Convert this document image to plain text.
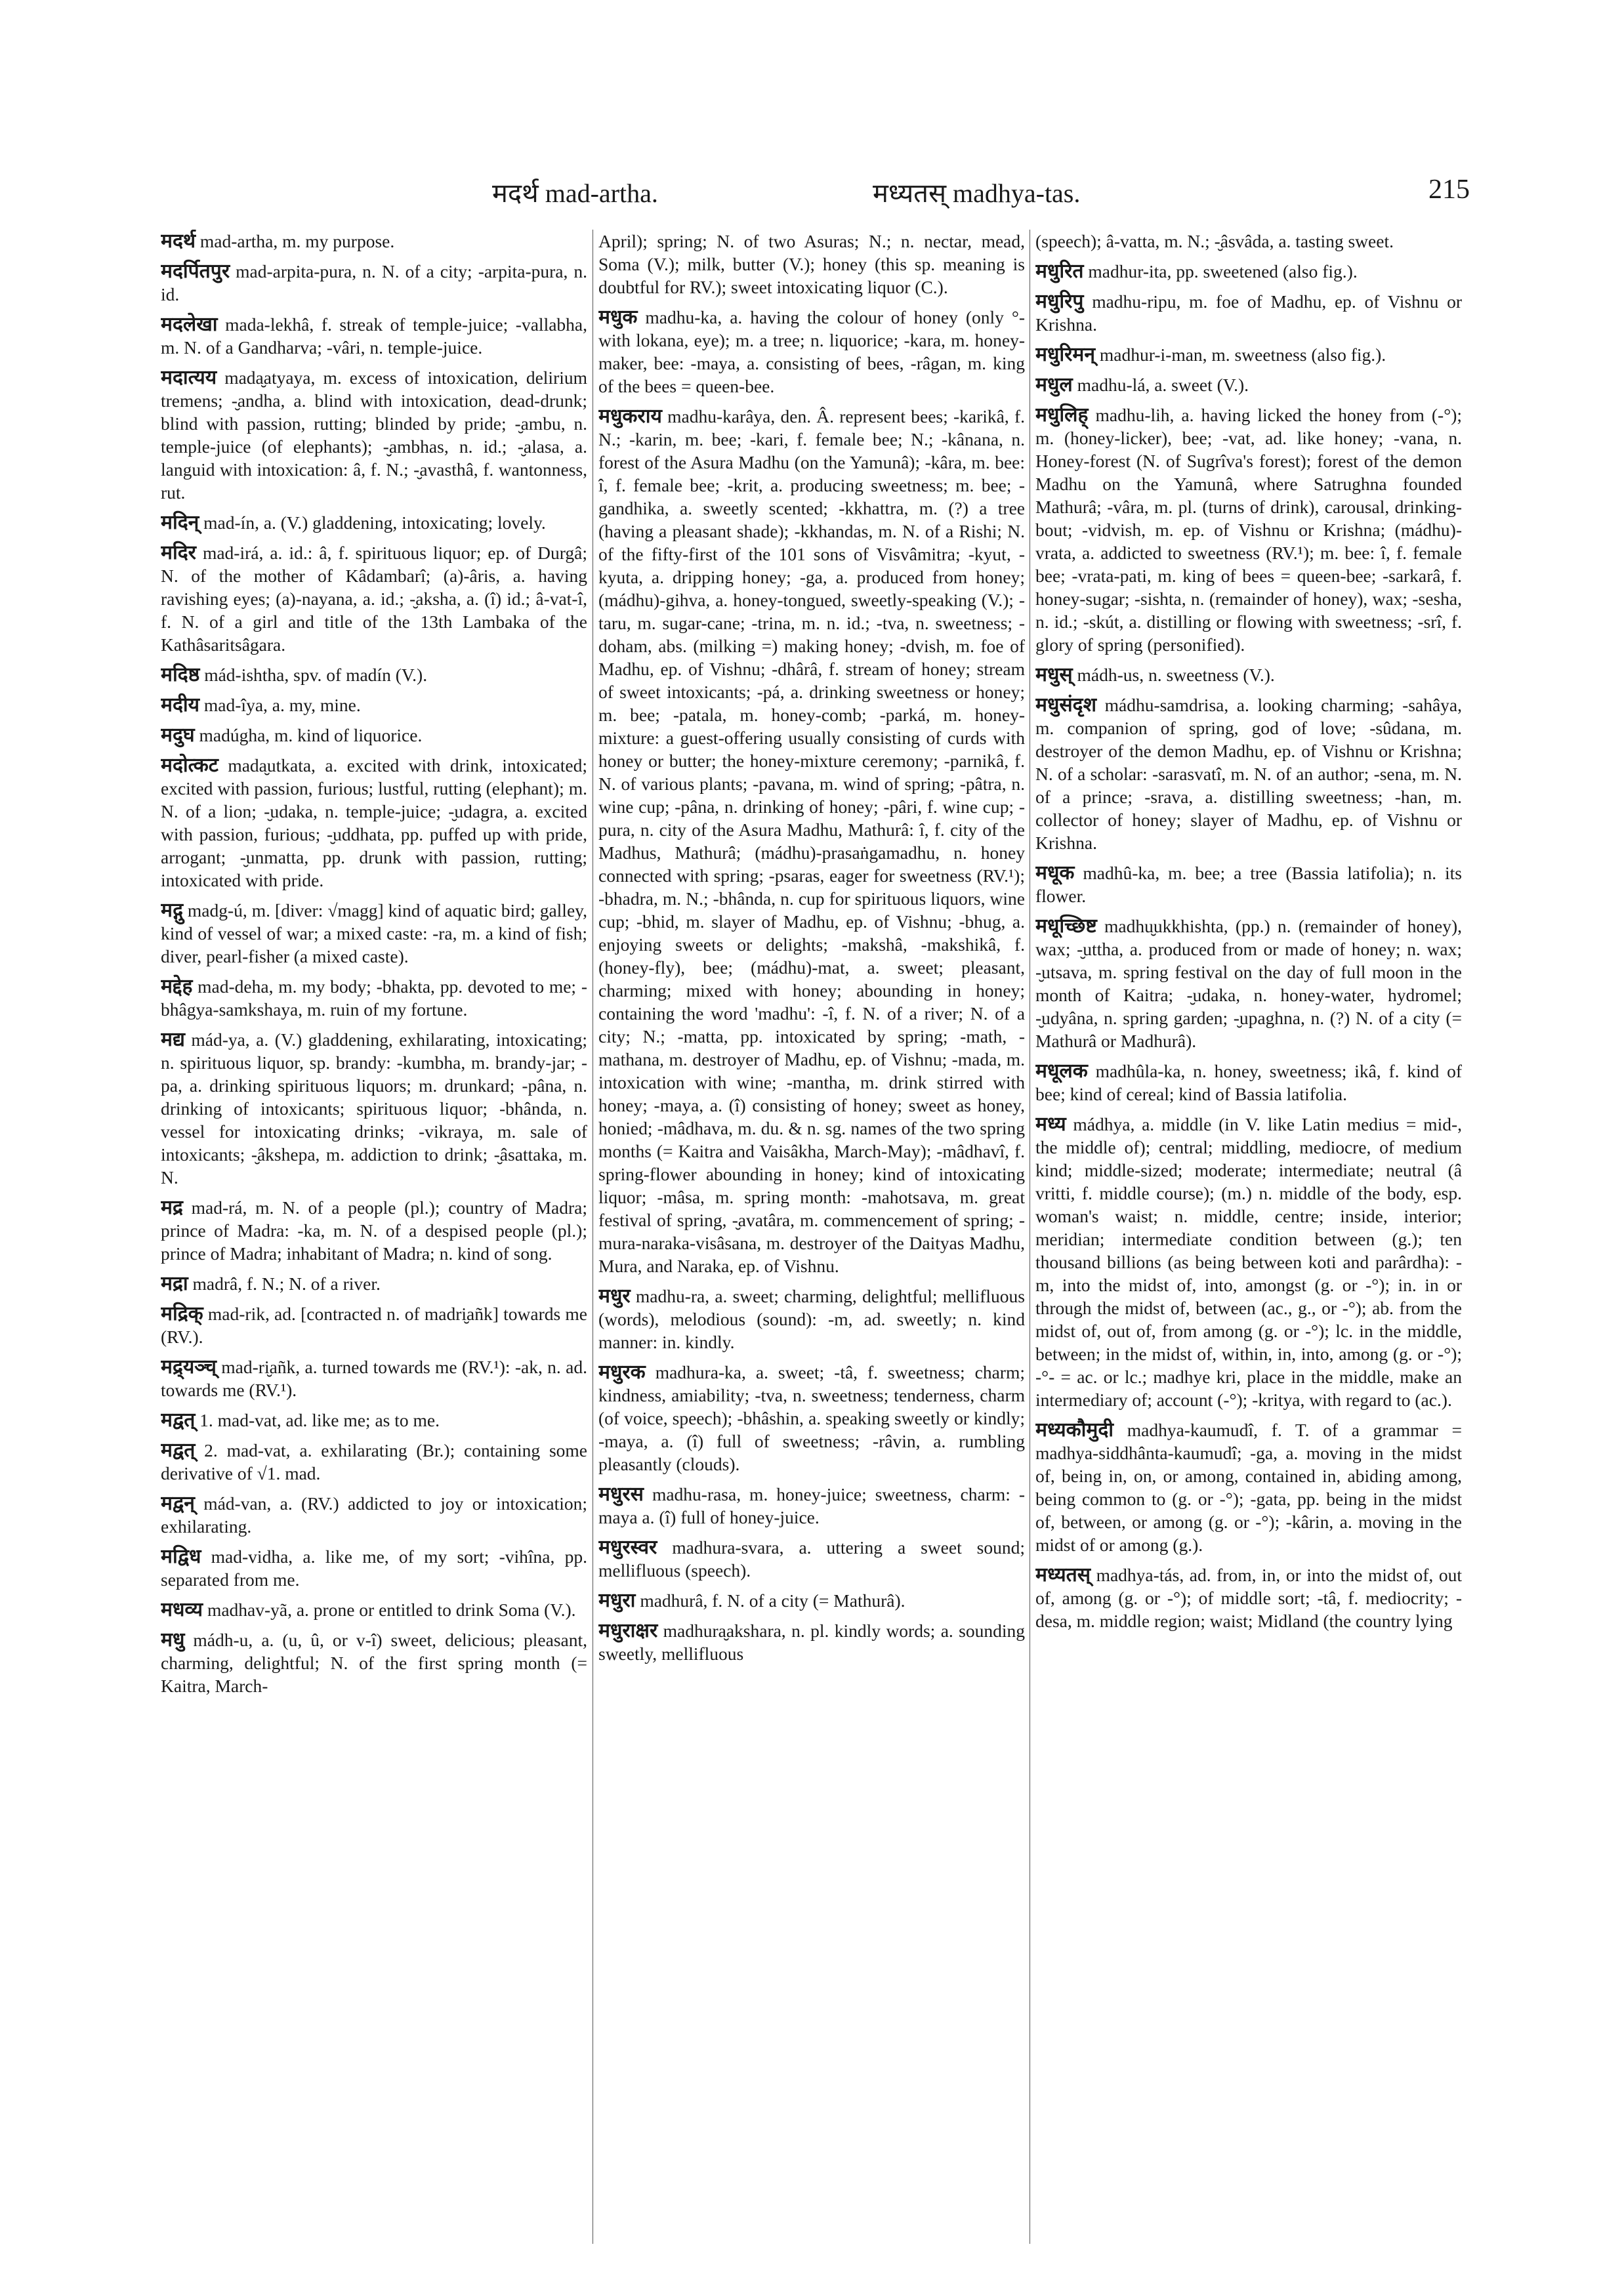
मदर्थ mad-artha.	मध्यतस् madhya-tas.	215

मदर्थ mad-artha, m. my purpose.

मदर्पितपुर mad-arpita-pura, n. N. of a city; -arpita-pura, n. id.

मदलेखा mada-lekhâ, f. streak of temple-juice; -vallabha, m. N. of a Gandharva; -vâri, n. temple-juice.

मदात्यय mada̮atyaya, m. excess of intoxication, delirium tremens; -̮andha, a. blind with intoxication, dead-drunk; blind with passion, rutting; blinded by pride; -̮ambu, n. temple-juice (of elephants); -̮ambhas, n. id.; -̮alasa, a. languid with intoxication: â, f. N.; -̮avasthâ, f. wantonness, rut.

मदिन् mad-ín, a. (V.) gladdening, intoxicating; lovely.

मदिर mad-irá, a. id.: â, f. spirituous liquor; ep. of Durgâ; N. of the mother of Kâdambarî; (a)-âris, a. having ravishing eyes; (a)-nayana, a. id.; -̮aksha, a. (î) id.; â-vat-î, f. N. of a girl and title of the 13th Lambaka of the Kathâsaritsâgara.

मदिष्ठ mád-ishtha, spv. of madín (V.).

मदीय mad-îya, a. my, mine.

मदुघ madúgha, m. kind of liquorice.

मदोत्कट mada̮utkata, a. excited with drink, intoxicated; excited with passion, furious; lustful, rutting (elephant); m. N. of a lion; -̮udaka, n. temple-juice; -̮udagra, a. excited with passion, furious; -̮uddhata, pp. puffed up with pride, arrogant; -̮unmatta, pp. drunk with passion, rutting; intoxicated with pride.

मद्गु madg-ú, m. [diver: √magg] kind of aquatic bird; galley, kind of vessel of war; a mixed caste: -ra, m. a kind of fish; diver, pearl-fisher (a mixed caste).

मद्देह mad-deha, m. my body; -bhakta, pp. devoted to me; -bhâgya-samkshaya, m. ruin of my fortune.

मद्य mád-ya, a. (V.) gladdening, exhilarating, intoxicating; n. spirituous liquor, sp. brandy: -kumbha, m. brandy-jar; -pa, a. drinking spirituous liquors; m. drunkard; -pâna, n. drinking of intoxicants; spirituous liquor; -bhânda, n. vessel for intoxicating drinks; -vikraya, m. sale of intoxicants; -̮âkshepa, m. addiction to drink; -̮âsattaka, m. N.

मद्र mad-rá, m. N. of a people (pl.); country of Madra; prince of Madra: -ka, m. N. of a despised people (pl.); prince of Madra; inhabitant of Madra; n. kind of song.

मद्रा madrâ, f. N.; N. of a river.

मद्रिक् mad-rik, ad. [contracted n. of madri̮añk] towards me (RV.).

मद्र्यञ्च् mad-ri̮añk, a. turned towards me (RV.¹): -ak, n. ad. towards me (RV.¹).

मद्वत् 1. mad-vat, ad. like me; as to me.

मद्वत् 2. mad-vat, a. exhilarating (Br.); containing some derivative of √1. mad.

मद्वन् mád-van, a. (RV.) addicted to joy or intoxication; exhilarating.

मद्विध mad-vidha, a. like me, of my sort; -vihîna, pp. separated from me.

मधव्य madhav-yã, a. prone or entitled to drink Soma (V.).

मधु mádh-u, a. (u, û, or v-î) sweet, delicious; pleasant, charming, delightful; N. of the first spring month (= Kaitra, March-

April); spring; N. of two Asuras; N.; n. nectar, mead, Soma (V.); milk, butter (V.); honey (this sp. meaning is doubtful for RV.); sweet intoxicating liquor (C.).

मधुक madhu-ka, a. having the colour of honey (only °- with lokana, eye); m. a tree; n. liquorice; -kara, m. honey-maker, bee: -maya, a. consisting of bees, -râgan, m. king of the bees = queen-bee.

मधुकराय madhu-karâya, den. Â. represent bees; -karikâ, f. N.; -karin, m. bee; -kari, f. female bee; N.; -kânana, n. forest of the Asura Madhu (on the Yamunâ); -kâra, m. bee: î, f. female bee; -krit, a. producing sweetness; m. bee; -gandhika, a. sweetly scented; -kkhattra, m. (?) a tree (having a pleasant shade); -kkhandas, m. N. of a Rishi; N. of the fifty-first of the 101 sons of Visvâmitra; -kyut, -kyuta, a. dripping honey; -ga, a. produced from honey; (mádhu)-gihva, a. honey-tongued, sweetly-speaking (V.); -taru, m. sugar-cane; -trina, m. n. id.; -tva, n. sweetness; -doham, abs. (milking =) making honey; -dvish, m. foe of Madhu, ep. of Vishnu; -dhârâ, f. stream of honey; stream of sweet intoxicants; -pá, a. drinking sweetness or honey; m. bee; -patala, m. honey-comb; -parká, m. honey-mixture: a guest-offering usually consisting of curds with honey or butter; the honey-mixture ceremony; -parnikâ, f. N. of various plants; -pavana, m. wind of spring; -pâtra, n. wine cup; -pâna, n. drinking of honey; -pâri, f. wine cup; -pura, n. city of the Asura Madhu, Mathurâ: î, f. city of the Madhus, Mathurâ; (mádhu)-prasaṅgamadhu, n. honey connected with spring; -psaras, eager for sweetness (RV.¹); -bhadra, m. N.; -bhânda, n. cup for spirituous liquors, wine cup; -bhid, m. slayer of Madhu, ep. of Vishnu; -bhug, a. enjoying sweets or delights; -makshâ, -makshikâ, f. (honey-fly), bee; (mádhu)-mat, a. sweet; pleasant, charming; mixed with honey; abounding in honey; containing the word 'madhu': -î, f. N. of a river; N. of a city; N.; -matta, pp. intoxicated by spring; -math, -mathana, m. destroyer of Madhu, ep. of Vishnu; -mada, m. intoxication with wine; -mantha, m. drink stirred with honey; -maya, a. (î) consisting of honey; sweet as honey, honied; -mâdhava, m. du. & n. sg. names of the two spring months (= Kaitra and Vaisâkha, March-May); -mâdhavî, f. spring-flower abounding in honey; kind of intoxicating liquor; -mâsa, m. spring month: -mahotsava, m. great festival of spring, -̮avatâra, m. commencement of spring; -mura-naraka-visâsana, m. destroyer of the Daityas Madhu, Mura, and Naraka, ep. of Vishnu.

मधुर madhu-ra, a. sweet; charming, delightful; mellifluous (words), melodious (sound): -m, ad. sweetly; n. kind manner: in. kindly.

मधुरक madhura-ka, a. sweet; -tâ, f. sweetness; charm; kindness, amiability; -tva, n. sweetness; tenderness, charm (of voice, speech); -bhâshin, a. speaking sweetly or kindly; -maya, a. (î) full of sweetness; -râvin, a. rumbling pleasantly (clouds).

मधुरस madhu-rasa, m. honey-juice; sweetness, charm: -maya a. (î) full of honey-juice.

मधुरस्वर madhura-svara, a. uttering a sweet sound; mellifluous (speech).

मधुरा madhurâ, f. N. of a city (= Mathurâ).

मधुराक्षर madhura̮akshara, n. pl. kindly words; a. sounding sweetly, mellifluous

(speech); â-vatta, m. N.; -̮âsvâda, a. tasting sweet.

मधुरित madhur-ita, pp. sweetened (also fig.).

मधुरिपु madhu-ripu, m. foe of Madhu, ep. of Vishnu or Krishna.

मधुरिमन् madhur-i-man, m. sweetness (also fig.).

मधुल madhu-lá, a. sweet (V.).

मधुलिह् madhu-lih, a. having licked the honey from (-°); m. (honey-licker), bee; -vat, ad. like honey; -vana, n. Honey-forest (N. of Sugrîva's forest); forest of the demon Madhu on the Yamunâ, where Satrughna founded Mathurâ; -vâra, m. pl. (turns of drink), carousal, drinking-bout; -vidvish, m. ep. of Vishnu or Krishna; (mádhu)-vrata, a. addicted to sweetness (RV.¹); m. bee: î, f. female bee; -vrata-pati, m. king of bees = queen-bee; -sarkarâ, f. honey-sugar; -sishta, n. (remainder of honey), wax; -sesha, n. id.; -skút, a. distilling or flowing with sweetness; -srî, f. glory of spring (personified).

मधुस् mádh-us, n. sweetness (V.).

मधुसंदृश mádhu-samdrisa, a. looking charming; -sahâya, m. companion of spring, god of love; -sûdana, m. destroyer of the demon Madhu, ep. of Vishnu or Krishna; N. of a scholar: -sarasvatî, m. N. of an author; -sena, m. N. of a prince; -srava, a. distilling sweetness; -han, m. collector of honey; slayer of Madhu, ep. of Vishnu or Krishna.

मधूक madhû-ka, m. bee; a tree (Bassia latifolia); n. its flower.

मधूच्छिष्ट madhu̮ukkhishta, (pp.) n. (remainder of honey), wax; -̮uttha, a. produced from or made of honey; n. wax; -̮utsava, m. spring festival on the day of full moon in the month of Kaitra; -̮udaka, n. honey-water, hydromel; -̮udyâna, n. spring garden; -̮upaghna, n. (?) N. of a city (= Mathurâ or Madhurâ).

मधूलक madhûla-ka, n. honey, sweetness; ikâ, f. kind of bee; kind of cereal; kind of Bassia latifolia.

मध्य mádhya, a. middle (in V. like Latin medius = mid-, the middle of); central; middling, mediocre, of medium kind; middle-sized; moderate; intermediate; neutral (â vritti, f. middle course); (m.) n. middle of the body, esp. woman's waist; n. middle, centre; inside, interior; meridian; intermediate condition between (g.); ten thousand billions (as being between koti and parârdha): -m, into the midst of, into, amongst (g. or -°); in. in or through the midst of, between (ac., g., or -°); ab. from the midst of, out of, from among (g. or -°); lc. in the middle, between; in the midst of, within, in, into, among (g. or -°); -°- = ac. or lc.; madhye kri, place in the middle, make an intermediary of; account (-°); -kritya, with regard to (ac.).

मध्यकौमुदी madhya-kaumudî, f. T. of a grammar = madhya-siddhânta-kaumudî; -ga, a. moving in the midst of, being in, on, or among, contained in, abiding among, being common to (g. or -°); -gata, pp. being in the midst of, between, or among (g. or -°); -kârin, a. moving in the midst of or among (g.).

मध्यतस् madhya-tás, ad. from, in, or into the midst of, out of, among (g. or -°); of middle sort; -tâ, f. mediocrity; -desa, m. middle region; waist; Midland (the country lying
